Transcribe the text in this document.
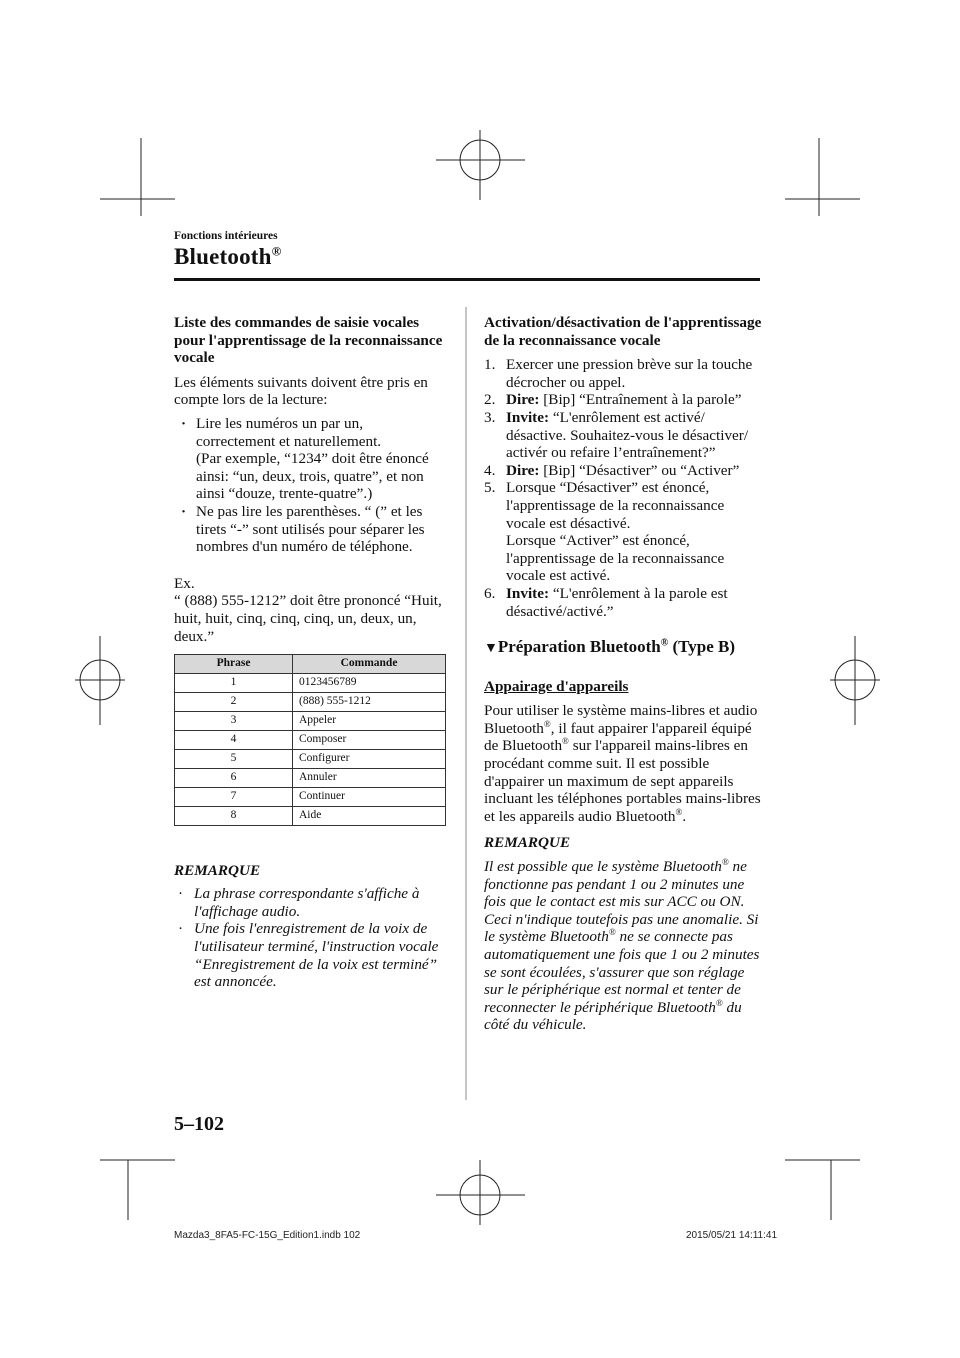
Fonctions intérieures
Bluetooth®
Liste des commandes de saisie vocales pour l'apprentissage de la reconnaissance vocale

Les éléments suivants doivent être pris en compte lors de la lecture:

· Lire les numéros un par un, correctement et naturellement.
(Par exemple, “1234” doit être énoncé ainsi: “un, deux, trois, quatre”, et non ainsi “douze, trente-quatre”.)
· Ne pas lire les parenthèses. “ (” et les tirets “-” sont utilisés pour séparer les nombres d'un numéro de téléphone.
Ex.
“ (888) 555-1212” doit être prononcé “Huit, huit, huit, cinq, cinq, cinq, un, deux, un, deux.”
Phrase	Commande
1	0123456789
2	(888) 555-1212
3	Appeler
4	Composer
5	Configurer
6	Annuler
7	Continuer
8	Aide
REMARQUE
· La phrase correspondante s'affiche à l'affichage audio.
· Une fois l'enregistrement de la voix de l'utilisateur terminé, l'instruction vocale “Enregistrement de la voix est terminé” est annoncée.
Activation/désactivation de l'apprentissage de la reconnaissance vocale
1. Exercer une pression brève sur la touche décrocher ou appel.
2. Dire: [Bip] “Entraînement à la parole”
3. Invite: “L'enrôlement est activé/ désactive. Souhaitez-vous le désactiver/ activér ou refaire l’entraînement?”
4. Dire: [Bip] “Désactiver” ou “Activer”
5. Lorsque “Désactiver” est énoncé, l'apprentissage de la reconnaissance vocale est désactivé.
Lorsque “Activer” est énoncé, l'apprentissage de la reconnaissance vocale est activé.
6. Invite: “L'enrôlement à la parole est désactivé/activé.”
▼Préparation Bluetooth® (Type B)
Appairage d'appareils

Pour utiliser le système mains-libres et audio Bluetooth®, il faut appairer l'appareil équipé de Bluetooth® sur l'appareil mains-libres en procédant comme suit. Il est possible d'appairer un maximum de sept appareils incluant les téléphones portables mains-libres et les appareils audio Bluetooth®.

REMARQUE
Il est possible que le système Bluetooth® ne fonctionne pas pendant 1 ou 2 minutes une fois que le contact est mis sur ACC ou ON. Ceci n'indique toutefois pas une anomalie. Si le système Bluetooth® ne se connecte pas automatiquement une fois que 1 ou 2 minutes se sont écoulées, s'assurer que son réglage sur le périphérique est normal et tenter de reconnecter le périphérique Bluetooth® du côté du véhicule.
5–102
Mazda3_8FA5-FC-15G_Edition1.indb 102	2015/05/21 14:11:41
